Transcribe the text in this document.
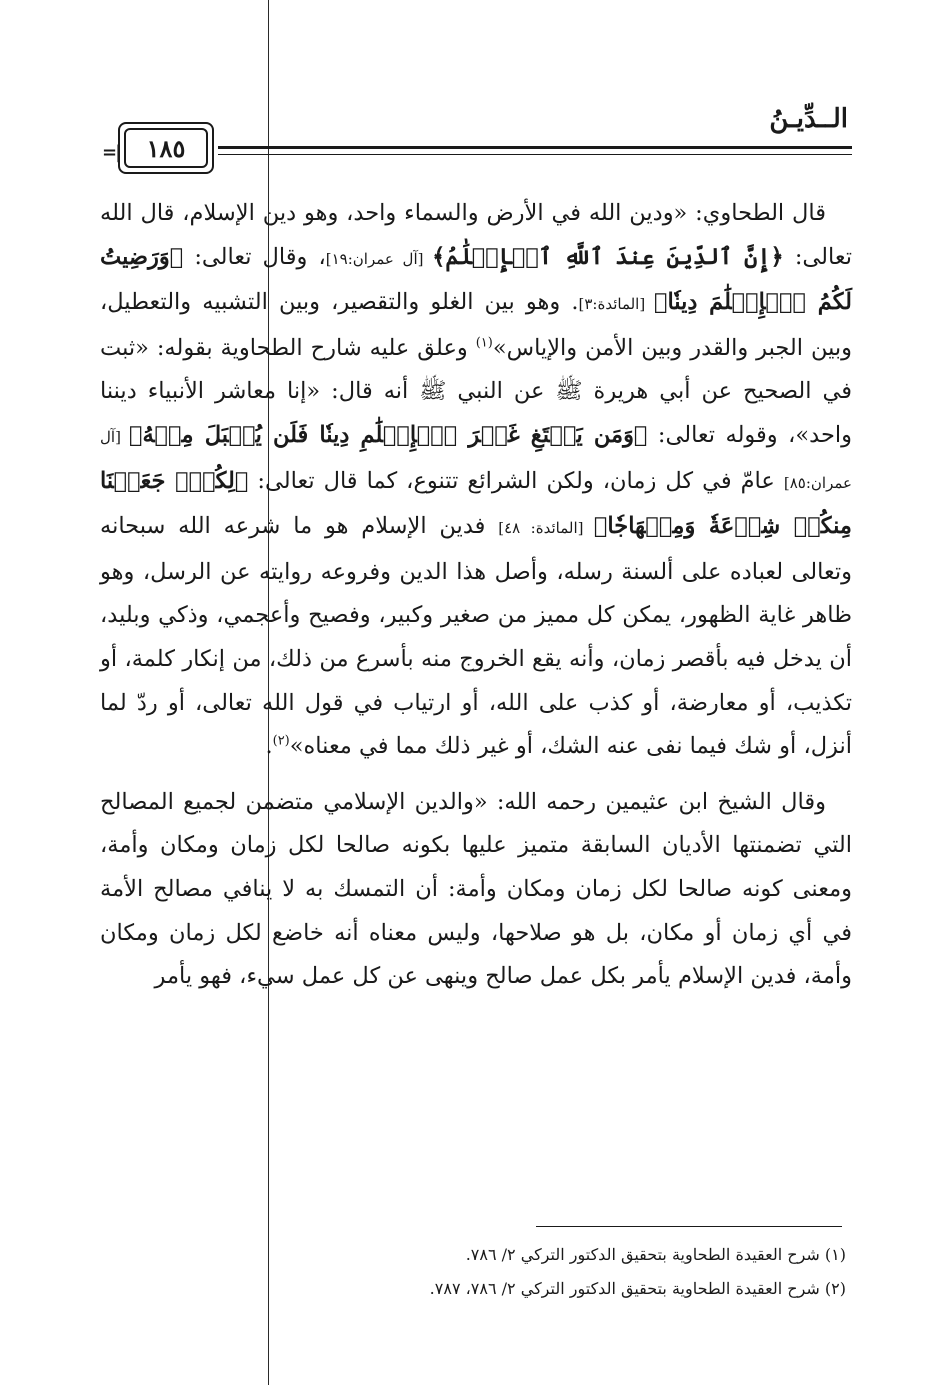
الــدِّيـنُ
=|	١٨٥

قال الطحاوي: «ودين الله في الأرض والسماء واحد، وهو دين الإسلام، قال الله تعالى: ﴿إِنَّ ٱلدِّينَ عِندَ ٱللَّهِ ٱلۡإِسۡلَٰمُ﴾ [آل عمران:١٩]، وقال تعالى: ﴿وَرَضِيتُ لَكُمُ ٱلۡإِسۡلَٰمَ دِينٗا﴾ [المائدة:٣]. وهو بين الغلو والتقصير، وبين التشبيه والتعطيل، وبين الجبر والقدر وبين الأمن والإياس»$^{(١)}$ وعلق عليه شارح الطحاوية بقوله: «ثبت في الصحيح عن أبي هريرة ﷺ عن النبي ﷺ أنه قال: «إنا معاشر الأنبياء ديننا واحد»، وقوله تعالى: ﴿وَمَن يَبۡتَغِ غَيۡرَ ٱلۡإِسۡلَٰمِ دِينٗا فَلَن يُقۡبَلَ مِنۡهُ﴾ [آل عمران:٨٥] عامّ في كل زمان، ولكن الشرائع تتنوع، كما قال تعالى: ﴿لِكُلّٖ جَعَلۡنَا مِنكُمۡ شِرۡعَةٗ وَمِنۡهَاجٗا﴾ [المائدة: ٤٨] فدين الإسلام هو ما شرعه الله سبحانه وتعالى لعباده على ألسنة رسله، وأصل هذا الدين وفروعه روايته عن الرسل، وهو ظاهر غاية الظهور، يمكن كل مميز من صغير وكبير، وفصيح وأعجمي، وذكي وبليد، أن يدخل فيه بأقصر زمان، وأنه يقع الخروج منه بأسرع من ذلك، من إنكار كلمة، أو تكذيب، أو معارضة، أو كذب على الله، أو ارتياب في قول الله تعالى، أو ردّ لما أنزل، أو شك فيما نفى عنه الشك، أو غير ذلك مما في معناه»$^{(٢)}$.

وقال الشيخ ابن عثيمين رحمه الله: «والدين الإسلامي متضمن لجميع المصالح التي تضمنتها الأديان السابقة متميز عليها بكونه صالحا لكل زمان ومكان وأمة، ومعنى كونه صالحا لكل زمان ومكان وأمة: أن التمسك به لا ينافي مصالح الأمة في أي زمان أو مكان، بل هو صلاحها، وليس معناه أنه خاضع لكل زمان ومكان وأمة، فدين الإسلام يأمر بكل عمل صالح وينهى عن كل عمل سيء، فهو يأمر

(١) شرح العقيدة الطحاوية بتحقيق الدكتور التركي ٢/ ٧٨٦.
(٢) شرح العقيدة الطحاوية بتحقيق الدكتور التركي ٢/ ٧٨٦، ٧٨٧.
